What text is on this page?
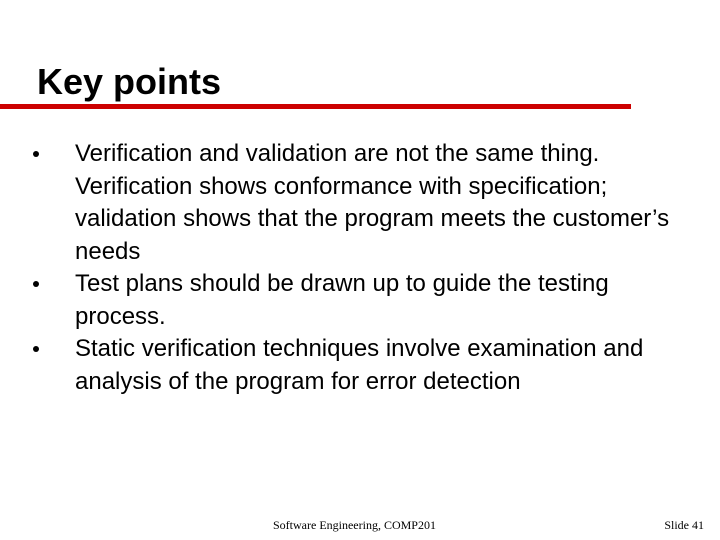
Key points
Verification and validation are not the same thing. Verification shows conformance with specification; validation shows that the program meets the customer’s needs
Test plans should be drawn up to guide the testing process.
Static verification techniques involve examination and analysis of the program for error detection
Software Engineering, COMP201	Slide 41
